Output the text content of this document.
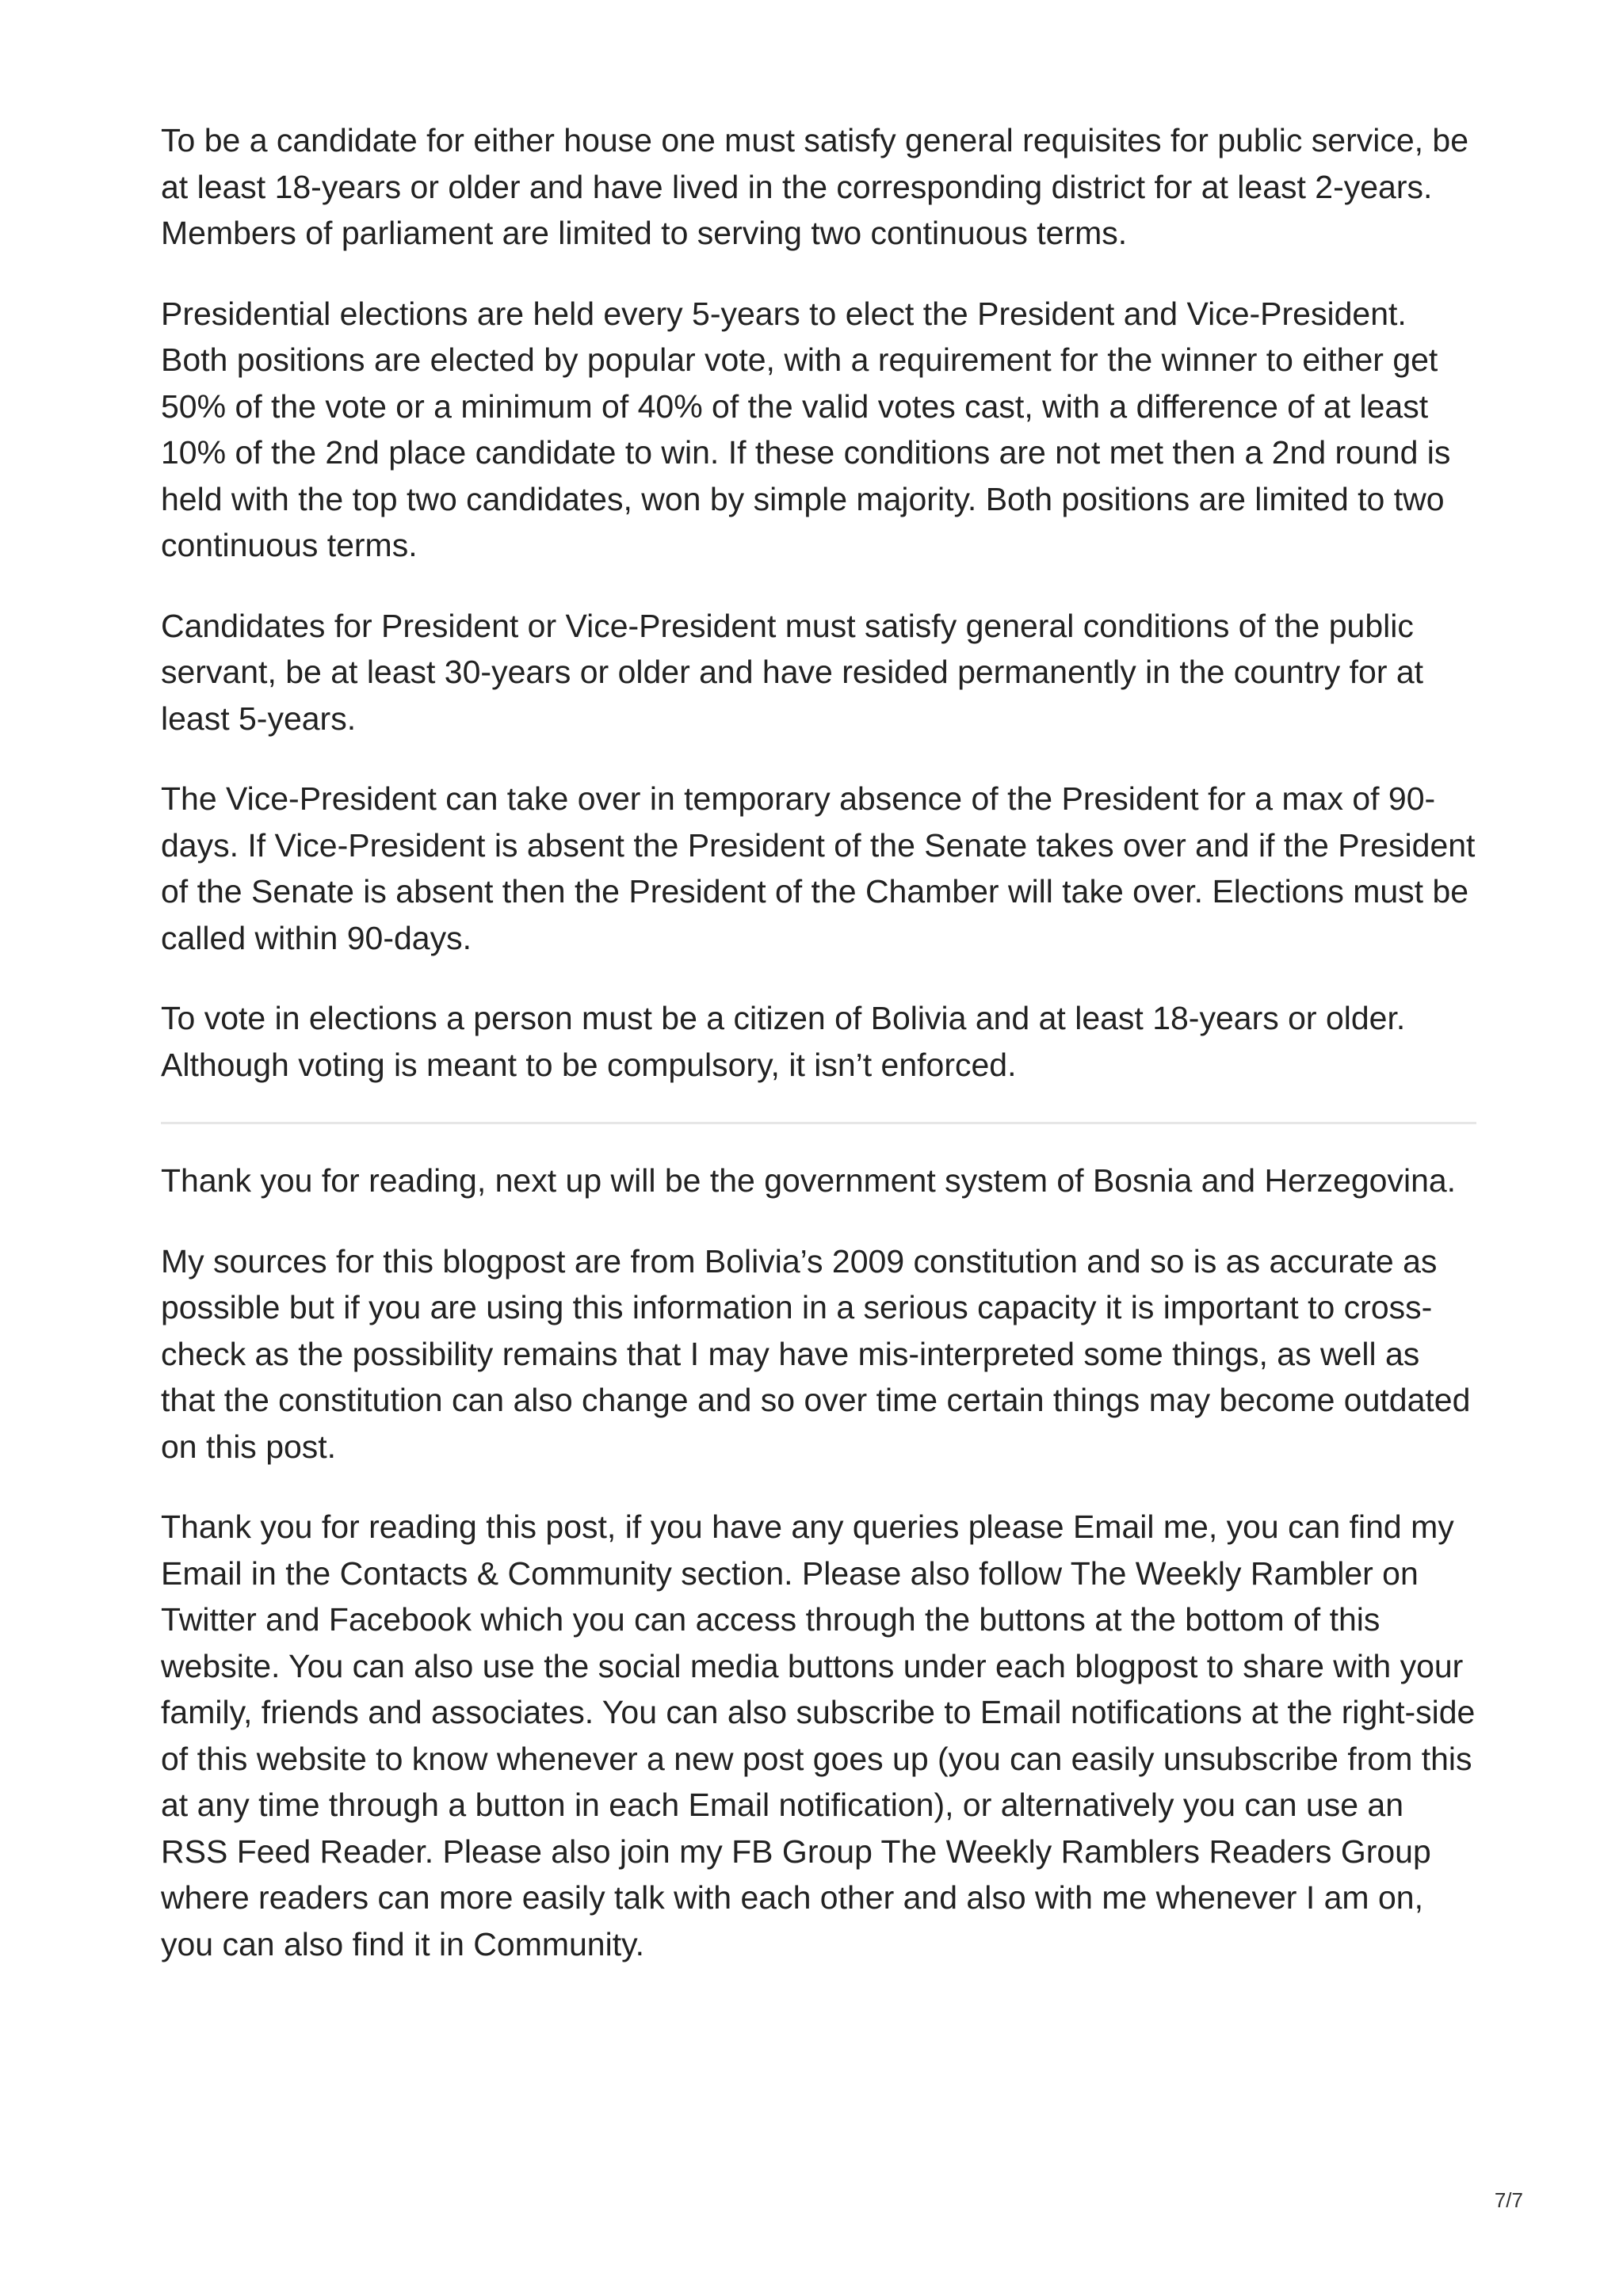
To be a candidate for either house one must satisfy general requisites for public service, be at least 18-years or older and have lived in the corresponding district for at least 2-years. Members of parliament are limited to serving two continuous terms.

Presidential elections are held every 5-years to elect the President and Vice-President. Both positions are elected by popular vote, with a requirement for the winner to either get 50% of the vote or a minimum of 40% of the valid votes cast, with a difference of at least 10% of the 2nd place candidate to win. If these conditions are not met then a 2nd round is held with the top two candidates, won by simple majority. Both positions are limited to two continuous terms.

Candidates for President or Vice-President must satisfy general conditions of the public servant, be at least 30-years or older and have resided permanently in the country for at least 5-years.

The Vice-President can take over in temporary absence of the President for a max of 90-days. If Vice-President is absent the President of the Senate takes over and if the President of the Senate is absent then the President of the Chamber will take over. Elections must be called within 90-days.

To vote in elections a person must be a citizen of Bolivia and at least 18-years or older. Although voting is meant to be compulsory, it isn’t enforced.

Thank you for reading, next up will be the government system of Bosnia and Herzegovina.

My sources for this blogpost are from Bolivia’s 2009 constitution and so is as accurate as possible but if you are using this information in a serious capacity it is important to cross-check as the possibility remains that I may have mis-interpreted some things, as well as that the constitution can also change and so over time certain things may become outdated on this post.

Thank you for reading this post, if you have any queries please Email me, you can find my Email in the Contacts & Community section. Please also follow The Weekly Rambler on Twitter and Facebook which you can access through the buttons at the bottom of this website. You can also use the social media buttons under each blogpost to share with your family, friends and associates. You can also subscribe to Email notifications at the right-side of this website to know whenever a new post goes up (you can easily unsubscribe from this at any time through a button in each Email notification), or alternatively you can use an RSS Feed Reader. Please also join my FB Group The Weekly Ramblers Readers Group where readers can more easily talk with each other and also with me whenever I am on, you can also find it in Community.

7/7
